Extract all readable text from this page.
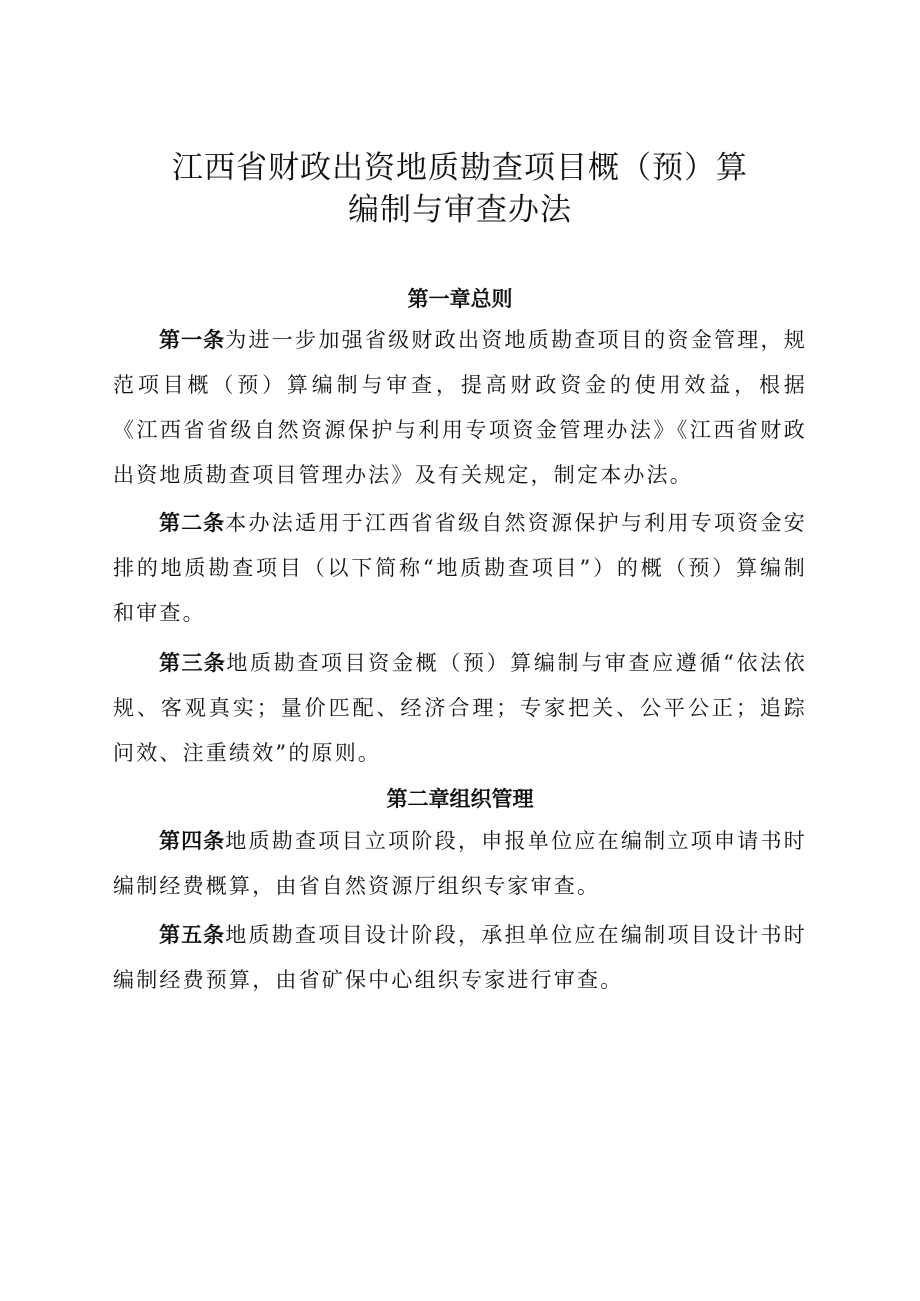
江西省财政出资地质勘查项目概（预）算
编制与审查办法
第一章总则

第一条为进一步加强省级财政出资地质勘查项目的资金管理，规范项目概（预）算编制与审查，提高财政资金的使用效益，根据《江西省省级自然资源保护与利用专项资金管理办法》《江西省财政出资地质勘查项目管理办法》及有关规定，制定本办法。

第二条本办法适用于江西省省级自然资源保护与利用专项资金安排的地质勘查项目（以下简称“地质勘查项目”）的概（预）算编制和审查。

第三条地质勘查项目资金概（预）算编制与审查应遵循“依法依规、客观真实；量价匹配、经济合理；专家把关、公平公正；追踪问效、注重绩效”的原则。

第二章组织管理

第四条地质勘查项目立项阶段，申报单位应在编制立项申请书时编制经费概算，由省自然资源厅组织专家审查。

第五条地质勘查项目设计阶段，承担单位应在编制项目设计书时编制经费预算，由省矿保中心组织专家进行审查。
